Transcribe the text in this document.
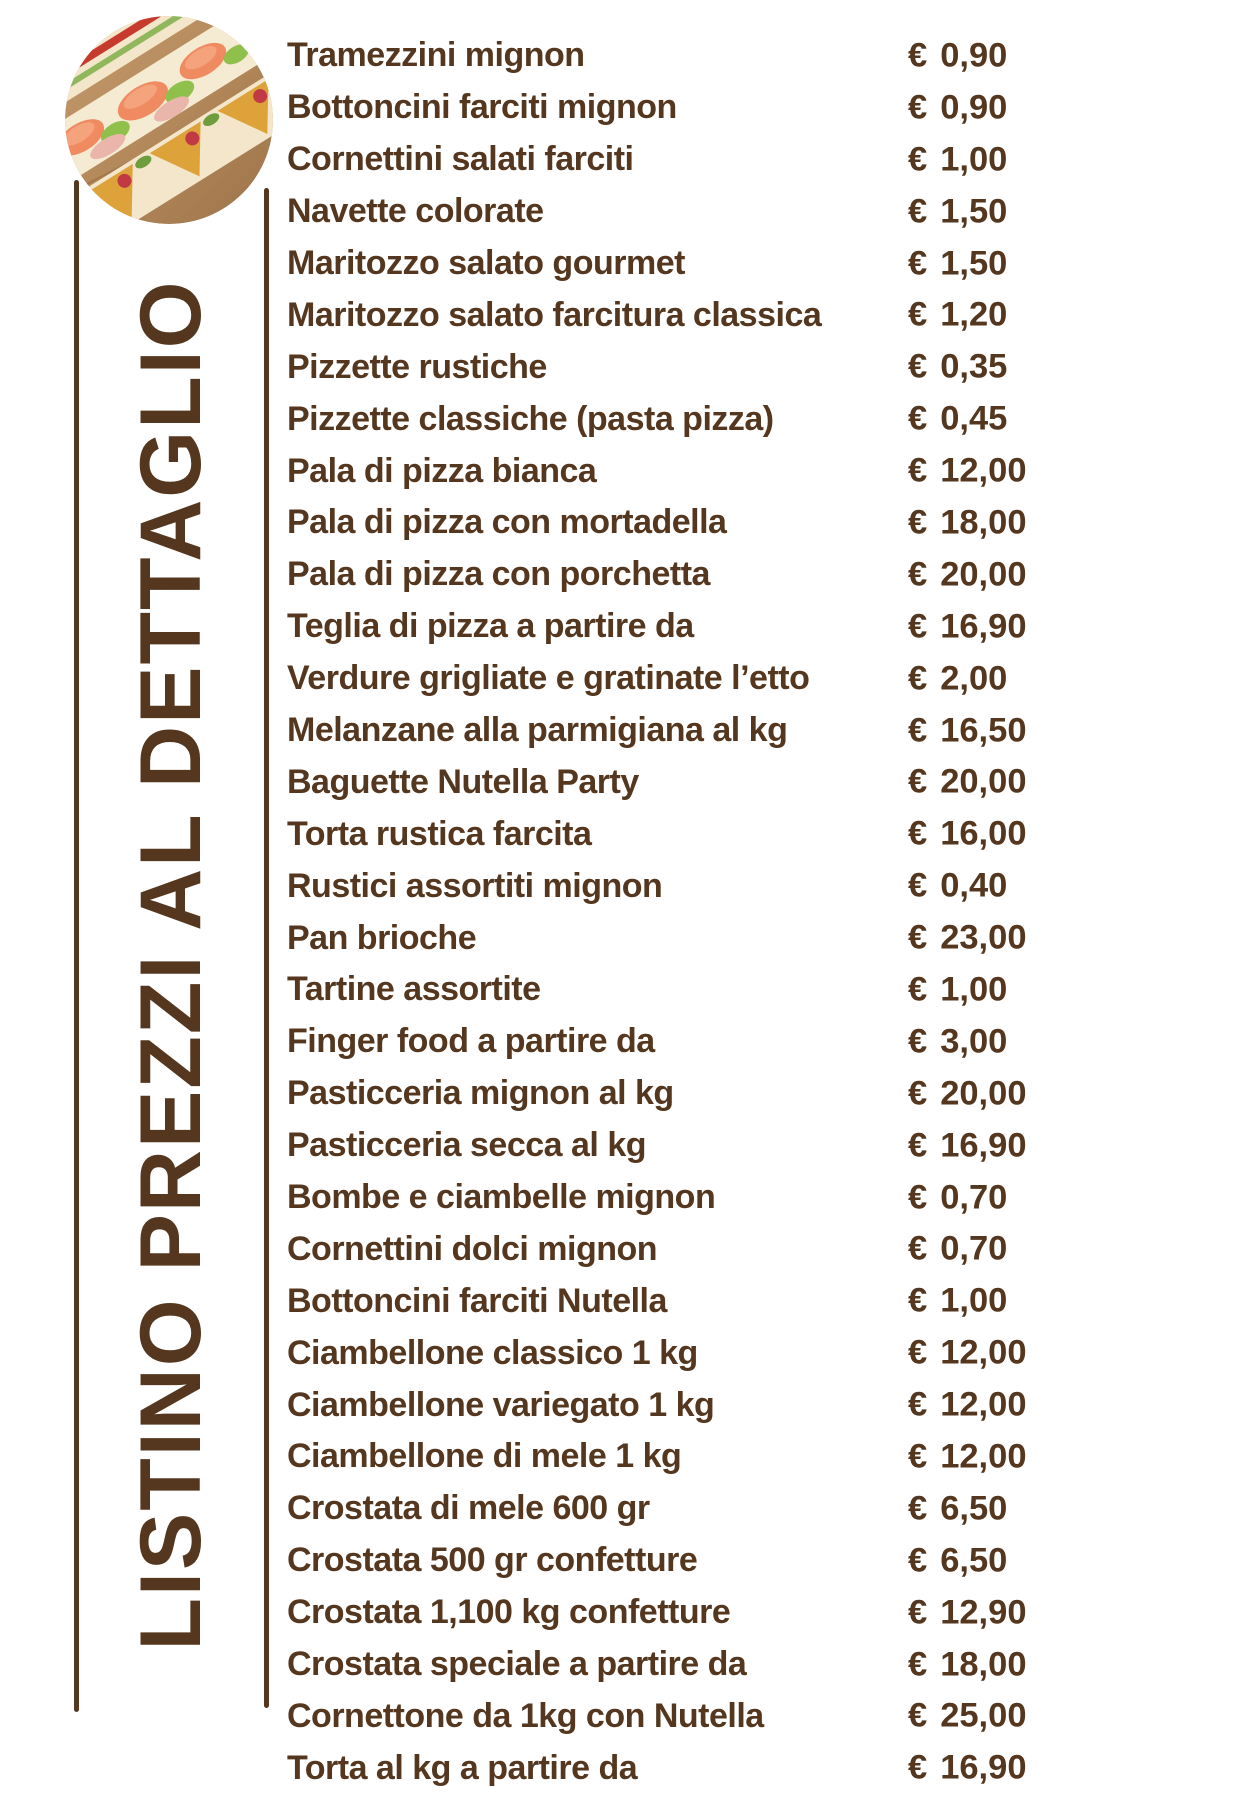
LISTINO PREZZI AL DETTAGLIO
Tramezzini mignon	€ 0,90
Bottoncini farciti mignon	€ 0,90
Cornettini salati farciti	€ 1,00
Navette colorate	€ 1,50
Maritozzo salato gourmet	€ 1,50
Maritozzo salato farcitura classica	€ 1,20
Pizzette rustiche	€ 0,35
Pizzette classiche (pasta pizza)	€ 0,45
Pala di pizza bianca	€ 12,00
Pala di pizza con mortadella	€ 18,00
Pala di pizza con porchetta	€ 20,00
Teglia di pizza a partire da	€ 16,90
Verdure grigliate e gratinate l’etto	€ 2,00
Melanzane alla parmigiana al kg	€ 16,50
Baguette Nutella Party	€ 20,00
Torta rustica farcita	€ 16,00
Rustici assortiti mignon	€ 0,40
Pan brioche	€ 23,00
Tartine assortite	€ 1,00
Finger food a partire da	€ 3,00
Pasticceria mignon al kg	€ 20,00
Pasticceria secca al kg	€ 16,90
Bombe e ciambelle mignon	€ 0,70
Cornettini dolci mignon	€ 0,70
Bottoncini farciti Nutella	€ 1,00
Ciambellone classico 1 kg	€ 12,00
Ciambellone variegato 1 kg	€ 12,00
Ciambellone di mele 1 kg	€ 12,00
Crostata di mele 600 gr	€ 6,50
Crostata 500 gr confetture	€ 6,50
Crostata 1,100 kg confetture	€ 12,90
Crostata speciale a partire da	€ 18,00
Cornettone da 1kg con Nutella	€ 25,00
Torta al kg a partire da	€ 16,90
